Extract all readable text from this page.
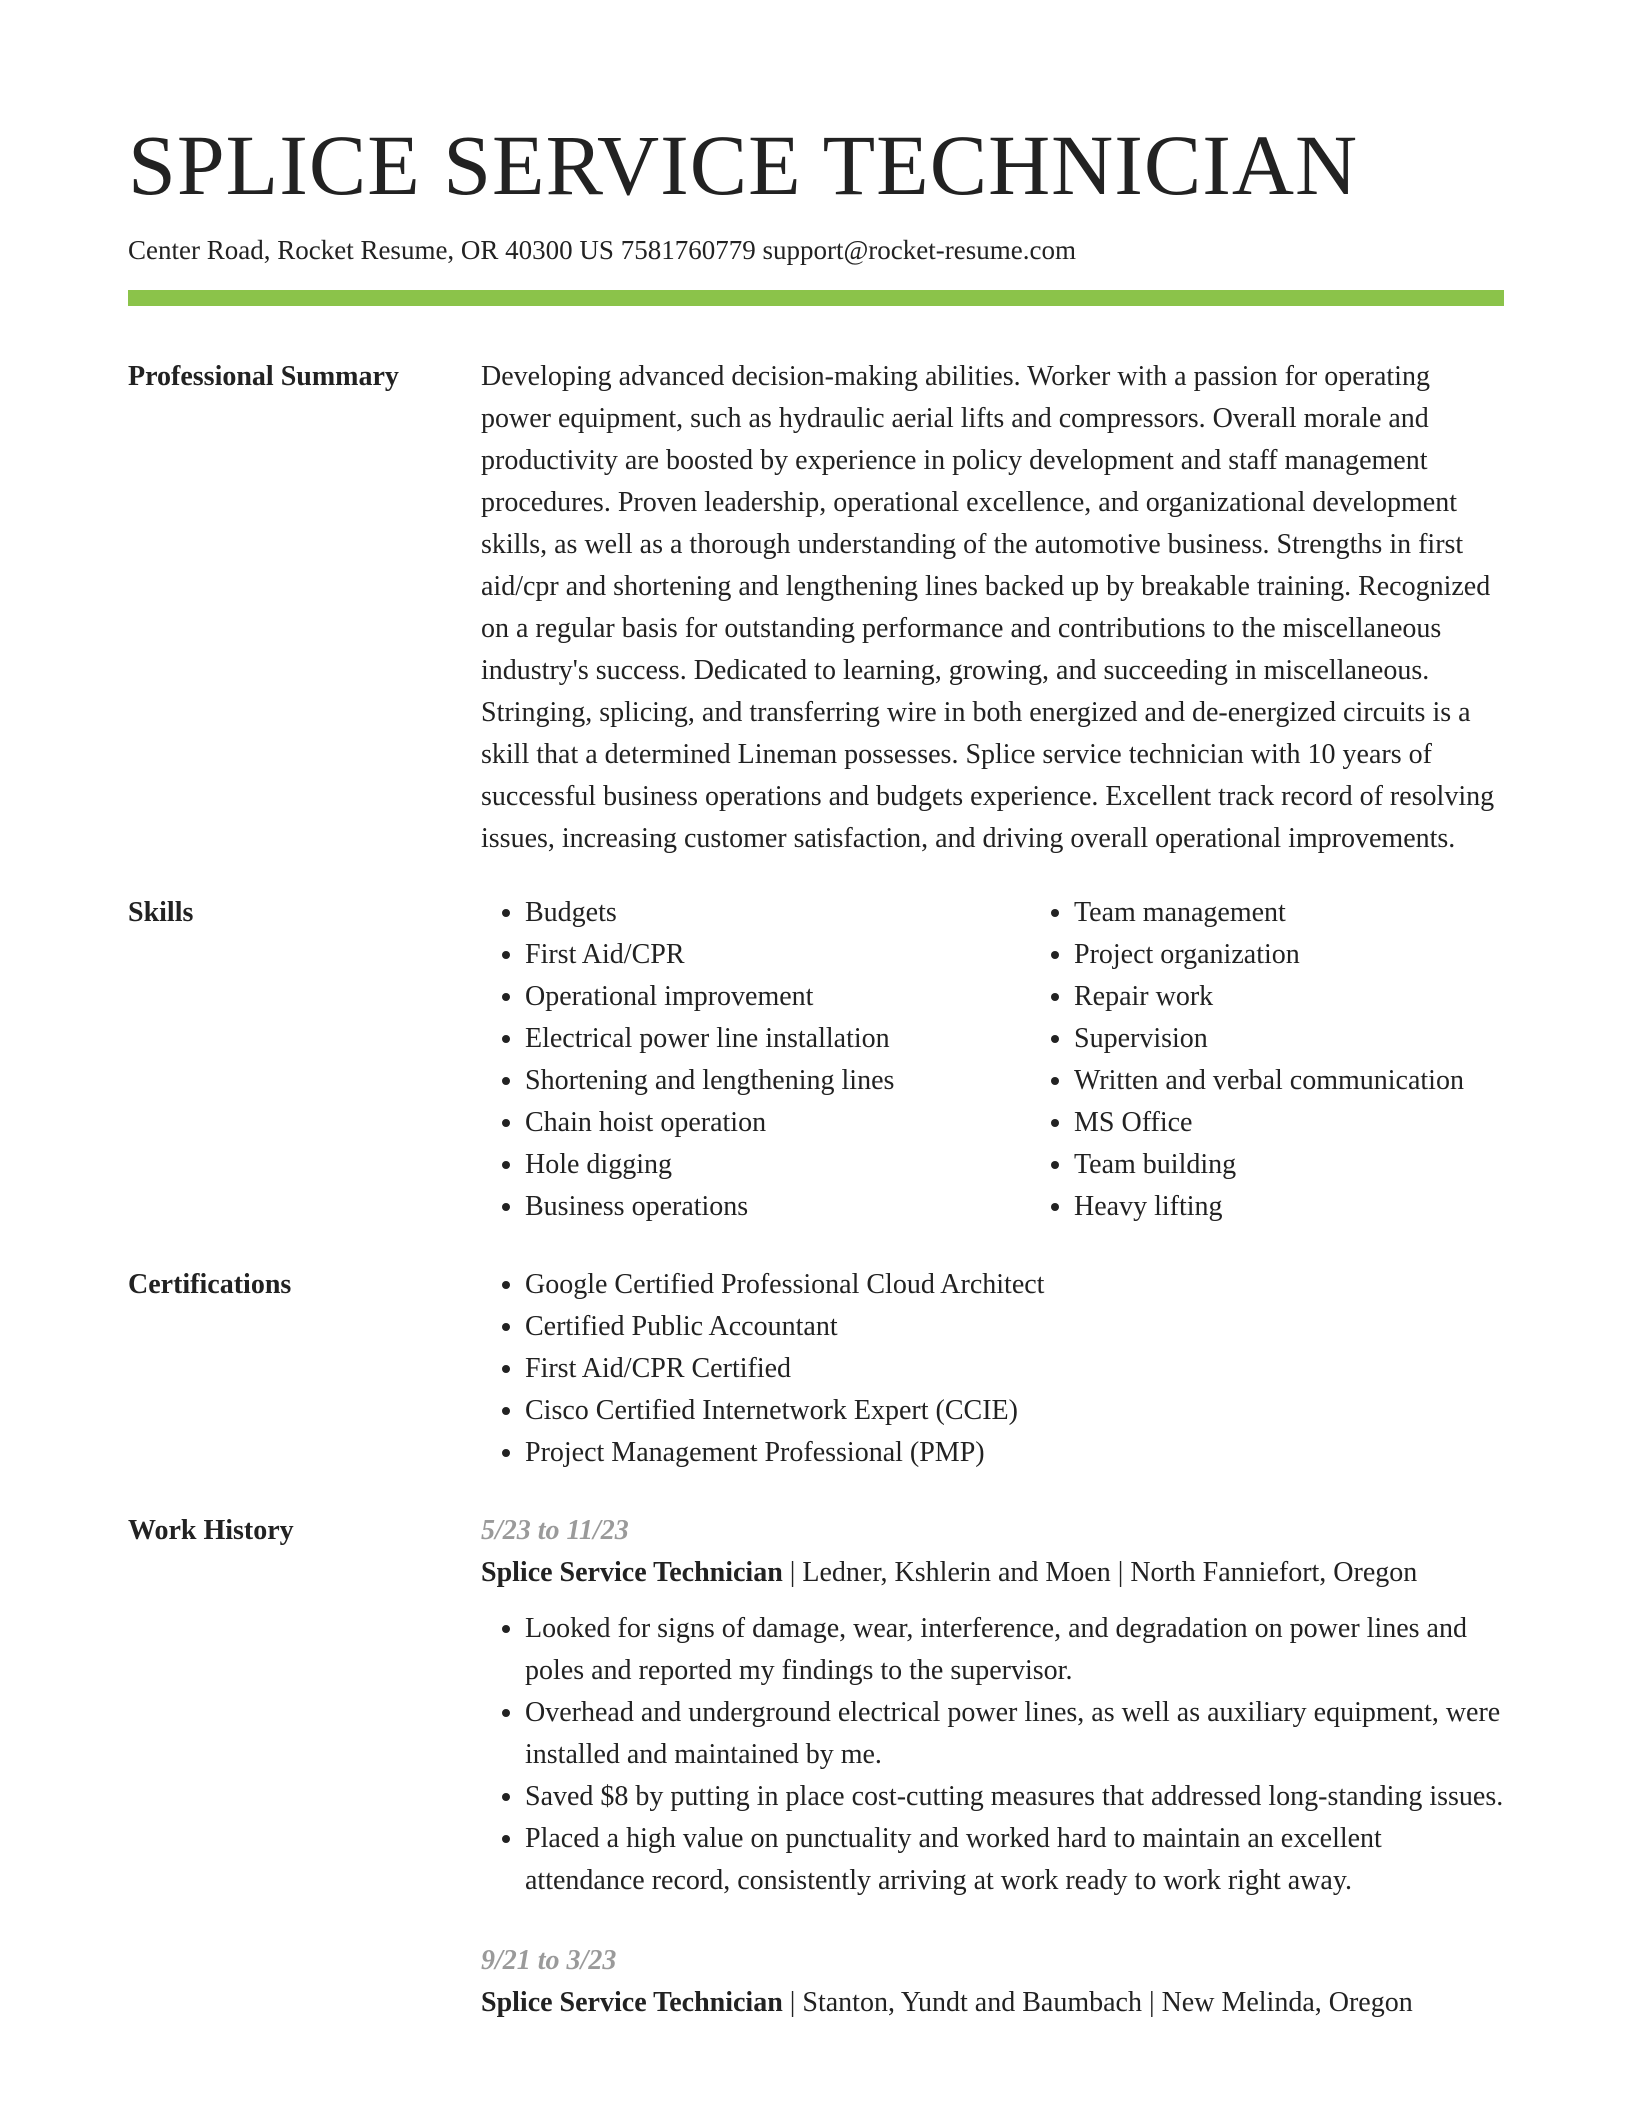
SPLICE SERVICE TECHNICIAN
Center Road, Rocket Resume, OR 40300 US 7581760779 support@rocket-resume.com
Professional Summary	Developing advanced decision-making abilities. Worker with a passion for operating power equipment, such as hydraulic aerial lifts and compressors. Overall morale and productivity are boosted by experience in policy development and staff management procedures. Proven leadership, operational excellence, and organizational development skills, as well as a thorough understanding of the automotive business. Strengths in first aid/cpr and shortening and lengthening lines backed up by breakable training. Recognized on a regular basis for outstanding performance and contributions to the miscellaneous industry's success. Dedicated to learning, growing, and succeeding in miscellaneous. Stringing, splicing, and transferring wire in both energized and de-energized circuits is a skill that a determined Lineman possesses. Splice service technician with 10 years of successful business operations and budgets experience. Excellent track record of resolving issues, increasing customer satisfaction, and driving overall operational improvements.

Skills	• Budgets
• First Aid/CPR
• Operational improvement
• Electrical power line installation
• Shortening and lengthening lines
• Chain hoist operation
• Hole digging
• Business operations
• Team management
• Project organization
• Repair work
• Supervision
• Written and verbal communication
• MS Office
• Team building
• Heavy lifting
Certifications	• Google Certified Professional Cloud Architect
• Certified Public Accountant
• First Aid/CPR Certified
• Cisco Certified Internetwork Expert (CCIE)
• Project Management Professional (PMP)
Work History	5/23 to 11/23
Splice Service Technician | Ledner, Kshlerin and Moen | North Fanniefort, Oregon
• Looked for signs of damage, wear, interference, and degradation on power lines and poles and reported my findings to the supervisor.
• Overhead and underground electrical power lines, as well as auxiliary equipment, were installed and maintained by me.
• Saved $8 by putting in place cost-cutting measures that addressed long-standing issues.
• Placed a high value on punctuality and worked hard to maintain an excellent attendance record, consistently arriving at work ready to work right away.
9/21 to 3/23
Splice Service Technician | Stanton, Yundt and Baumbach | New Melinda, Oregon
